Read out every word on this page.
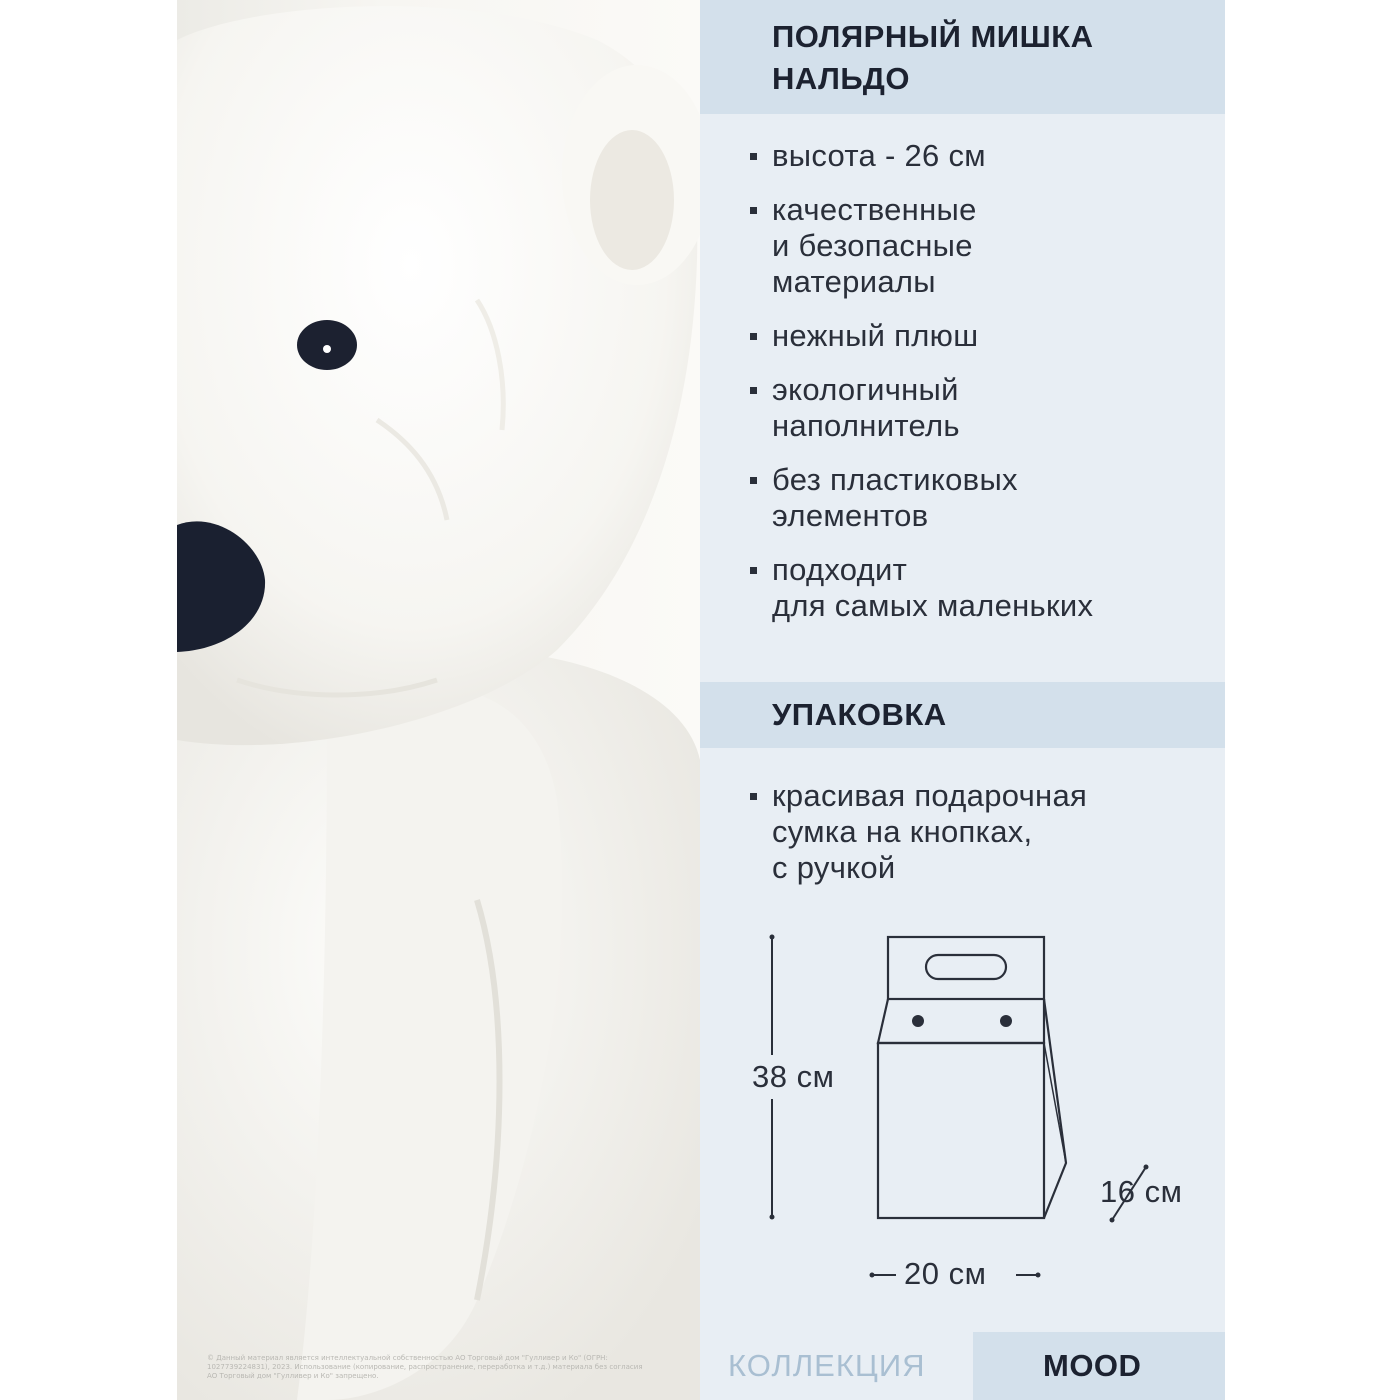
© Данный материал является интеллектуальной собственностью АО Торговый дом "Гулливер и Ко" (ОГРН: 1027739224831), 2023. Использование (копирование, распространение, переработка и т.д.) материала без согласия АО Торговый дом "Гулливер и Ко" запрещено.
ПОЛЯРНЫЙ МИШКА
НАЛЬДО
высота - 26 см
качественные
и безопасные
материалы
нежный плюш
экологичный
наполнитель
без пластиковых
элементов
подходит
для самых маленьких
УПАКОВКА
красивая подарочная
сумка на кнопках,
с ручкой
38 см
16 см
20 см
КОЛЛЕКЦИЯ	MOOD
